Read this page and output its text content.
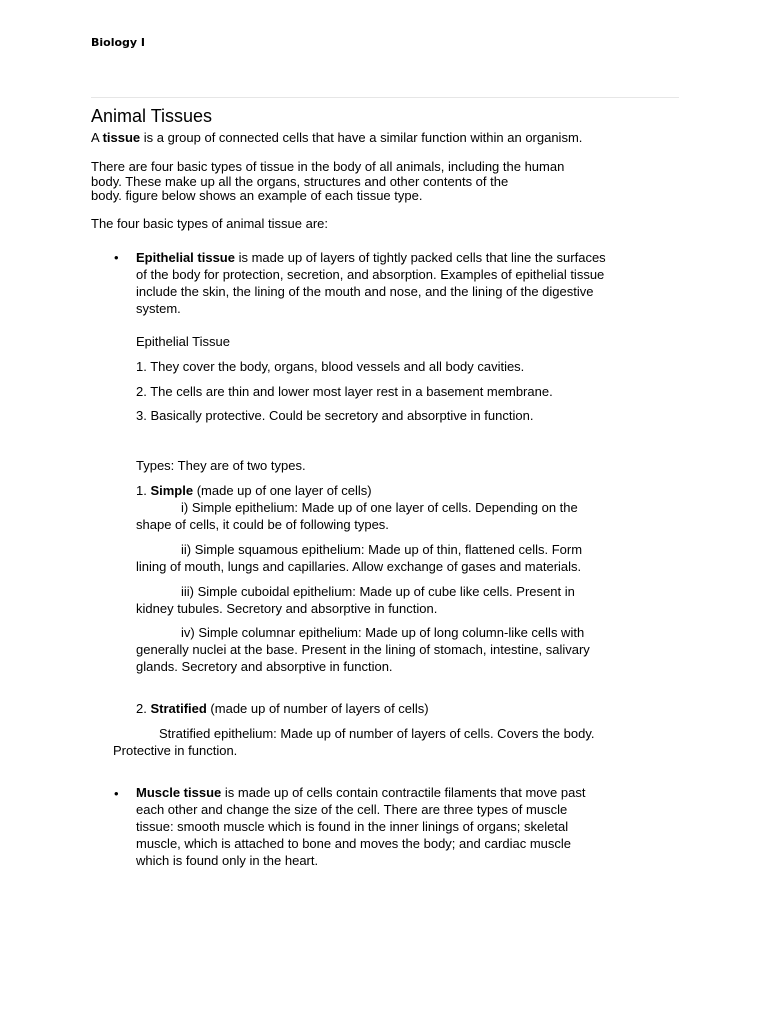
Biology I
Animal Tissues
A tissue is a group of connected cells that have a similar function within an organism.
There are four basic types of tissue in the body of all animals, including the human
body. These make up all the organs, structures and other contents of the
body. figure below shows an example of each tissue type.
The four basic types of animal tissue are:
• Epithelial tissue is made up of layers of tightly packed cells that line the surfaces
of the body for protection, secretion, and absorption. Examples of epithelial tissue
include the skin, the lining of the mouth and nose, and the lining of the digestive
system.
Epithelial Tissue
1. They cover the body, organs, blood vessels and all body cavities.
2. The cells are thin and lower most layer rest in a basement membrane.
3. Basically protective. Could be secretory and absorptive in function.
Types: They are of two types.
1. Simple (made up of one layer of cells)
i) Simple epithelium: Made up of one layer of cells. Depending on the
shape of cells, it could be of following types.
ii) Simple squamous epithelium: Made up of thin, flattened cells. Form
lining of mouth, lungs and capillaries. Allow exchange of gases and materials.
iii) Simple cuboidal epithelium: Made up of cube like cells. Present in
kidney tubules. Secretory and absorptive in function.
iv) Simple columnar epithelium: Made up of long column-like cells with
generally nuclei at the base. Present in the lining of stomach, intestine, salivary
glands. Secretory and absorptive in function.
2. Stratified (made up of number of layers of cells)
Stratified epithelium: Made up of number of layers of cells. Covers the body.
Protective in function.
• Muscle tissue is made up of cells contain contractile filaments that move past
each other and change the size of the cell. There are three types of muscle
tissue: smooth muscle which is found in the inner linings of organs; skeletal
muscle, which is attached to bone and moves the body; and cardiac muscle
which is found only in the heart.
